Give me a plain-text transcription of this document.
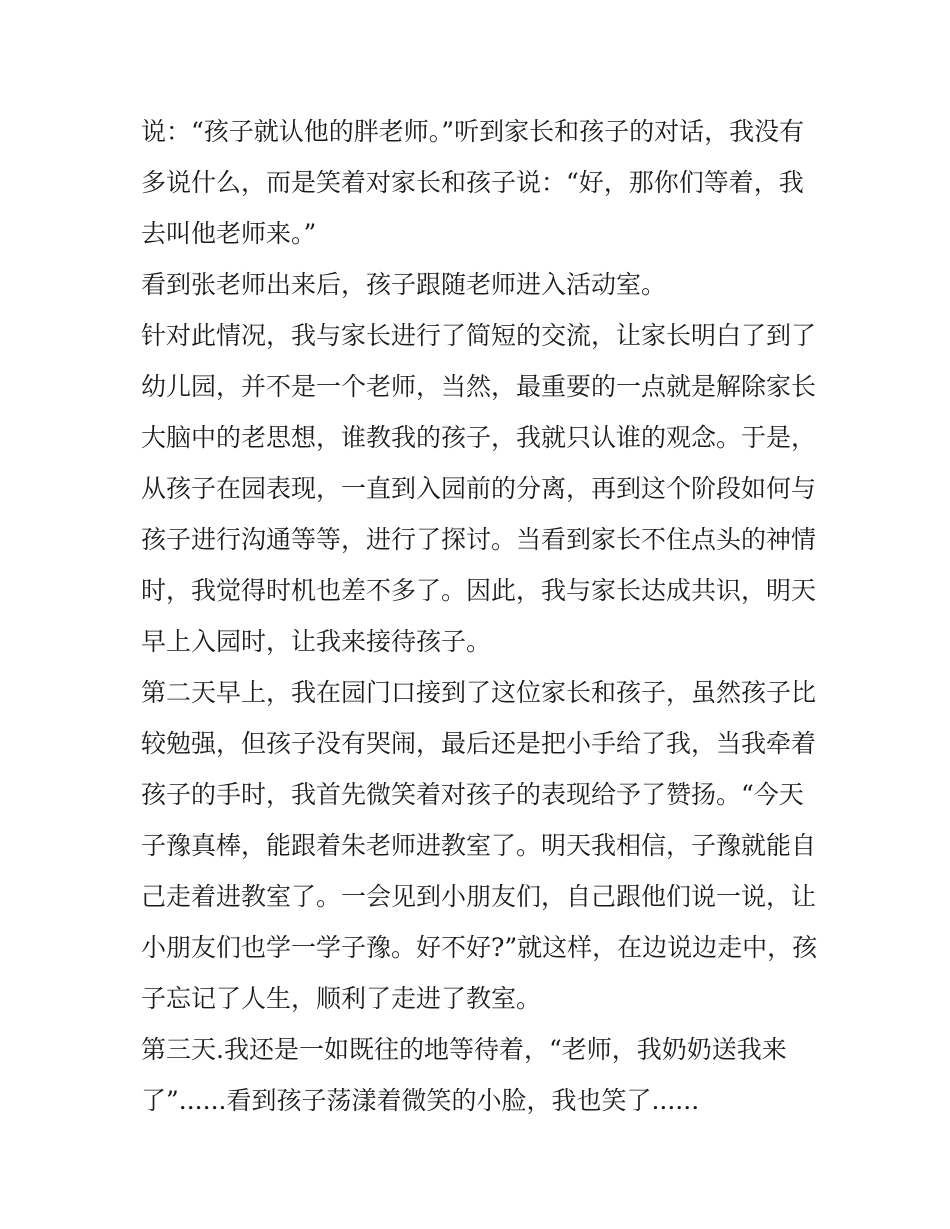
说：“孩子就认他的胖老师。”听到家长和孩子的对话，我没有多说什么，而是笑着对家长和孩子说：“好，那你们等着，我去叫他老师来。”

看到张老师出来后，孩子跟随老师进入活动室。

针对此情况，我与家长进行了简短的交流，让家长明白了到了幼儿园，并不是一个老师，当然，最重要的一点就是解除家长大脑中的老思想，谁教我的孩子，我就只认谁的观念。于是，从孩子在园表现，一直到入园前的分离，再到这个阶段如何与孩子进行沟通等等，进行了探讨。当看到家长不住点头的神情时，我觉得时机也差不多了。因此，我与家长达成共识，明天早上入园时，让我来接待孩子。

第二天早上，我在园门口接到了这位家长和孩子，虽然孩子比较勉强，但孩子没有哭闹，最后还是把小手给了我，当我牵着孩子的手时，我首先微笑着对孩子的表现给予了赞扬。“今天子豫真棒，能跟着朱老师进教室了。明天我相信，子豫就能自己走着进教室了。一会见到小朋友们，自己跟他们说一说，让小朋友们也学一学子豫。好不好?”就这样，在边说边走中，孩子忘记了人生，顺利了走进了教室。

第三天.我还是一如既往的地等待着，“老师，我奶奶送我来了”......看到孩子荡漾着微笑的小脸，我也笑了......
